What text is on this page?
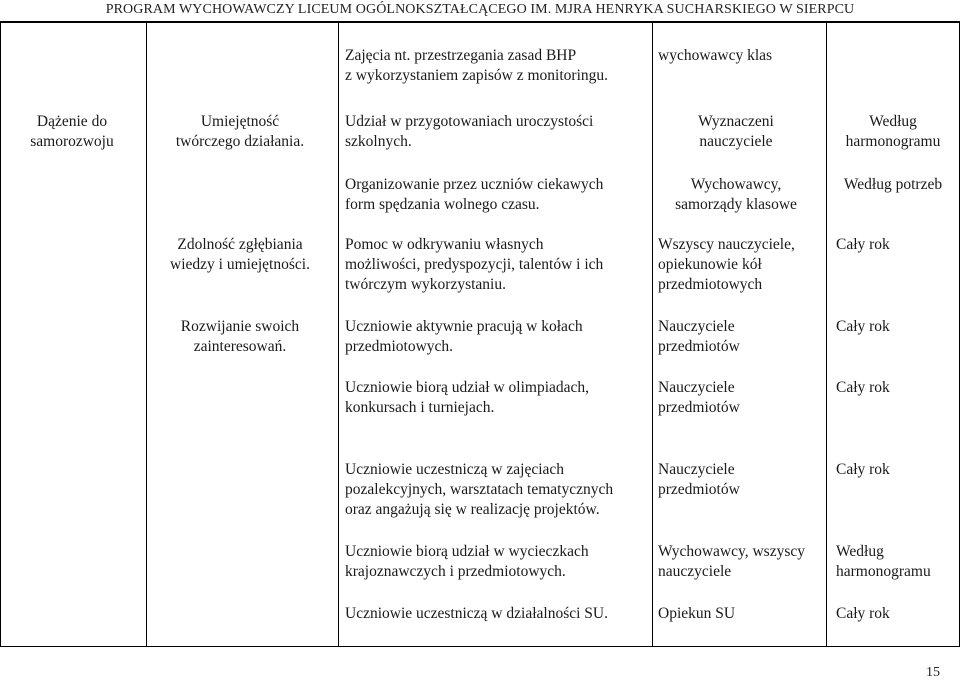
PROGRAM WYCHOWAWCZY LICEUM OGÓLNOKSZTAŁCĄCEGO IM. MJRA HENRYKA SUCHARSKIEGO W SIERPCU
Zajęcia nt. przestrzegania zasad BHP
z wykorzystaniem zapisów z monitoringu.
wychowawcy klas
Dążenie do
samorozwoju
Umiejętność
twórczego działania.
Udział w przygotowaniach uroczystości
szkolnych.
Wyznaczeni
nauczyciele
Według
harmonogramu
Organizowanie przez uczniów ciekawych
form spędzania wolnego czasu.
Wychowawcy,
samorządy klasowe
Według potrzeb
Zdolność zgłębiania
wiedzy i umiejętności.
Pomoc w odkrywaniu własnych
możliwości, predyspozycji, talentów i ich
twórczym wykorzystaniu.
Wszyscy nauczyciele,
opiekunowie kół
przedmiotowych
Cały rok
Rozwijanie swoich
zainteresowań.
Uczniowie aktywnie pracują w kołach
przedmiotowych.
Nauczyciele
przedmiotów
Cały rok
Uczniowie biorą udział w olimpiadach,
konkursach i turniejach.
Nauczyciele
przedmiotów
Cały rok
Uczniowie uczestniczą w zajęciach
pozalekcyjnych, warsztatach tematycznych
oraz angażują się w realizację projektów.
Nauczyciele
przedmiotów
Cały rok
Uczniowie biorą udział w wycieczkach
krajoznawczych i przedmiotowych.
Wychowawcy, wszyscy
nauczyciele
Według
harmonogramu
Uczniowie uczestniczą w działalności SU.	Opiekun SU	Cały rok
15
